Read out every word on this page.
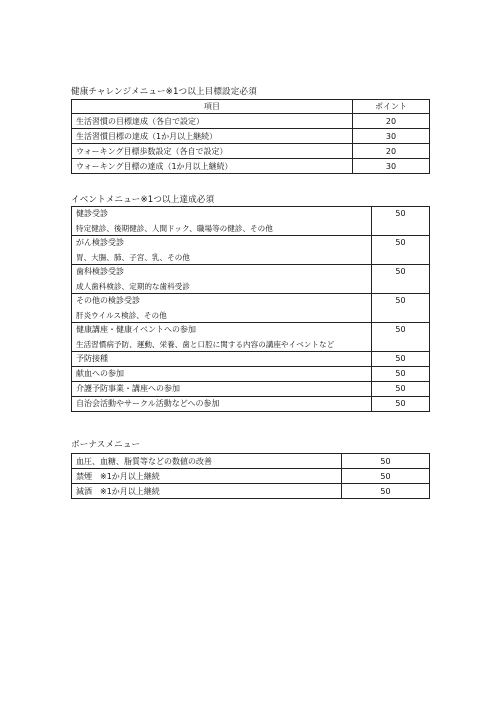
健康チャレンジメニュー※1つ以上目標設定必須
項目	ポイント
生活習慣の目標達成（各自で設定）	20
生活習慣目標の達成（1か月以上継続）	30
ウォーキング目標歩数設定（各自で設定）	20
ウォーキング目標の達成（1か月以上継続）	30
イベントメニュー※1つ以上達成必須
健診受診
特定健診、後期健診、人間ドック、職場等の健診、その他	50
がん検診受診
胃、大腸、肺、子宮、乳、その他	50
歯科検診受診
成人歯科検診、定期的な歯科受診	50
その他の検診受診
肝炎ウイルス検診、その他	50
健康講座・健康イベントへの参加
生活習慣病予防、運動、栄養、歯と口腔に関する内容の講座やイベントなど	50
予防接種	50
献血への参加	50
介護予防事業・講座への参加	50
自治会活動やサークル活動などへの参加	50
ボーナスメニュー
血圧、血糖、脂質等などの数値の改善	50
禁煙　※1か月以上継続	50
減酒　※1か月以上継続	50
